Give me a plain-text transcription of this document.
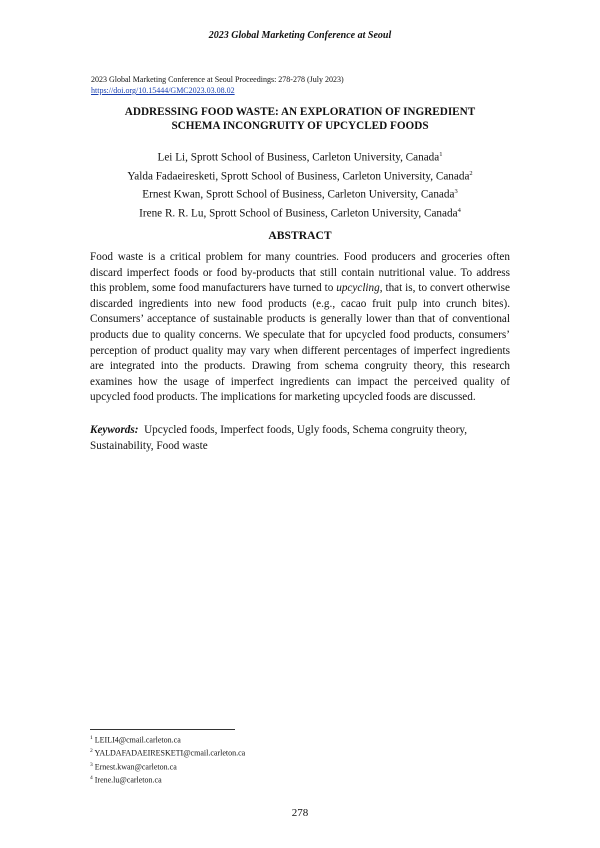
2023 Global Marketing Conference at Seoul
2023 Global Marketing Conference at Seoul Proceedings: 278-278 (July 2023)
https://doi.org/10.15444/GMC2023.03.08.02
ADDRESSING FOOD WASTE: AN EXPLORATION OF INGREDIENT
SCHEMA INCONGRUITY OF UPCYCLED FOODS
Lei Li, Sprott School of Business, Carleton University, Canada$^1$
Yalda Fadaeiresketi, Sprott School of Business, Carleton University, Canada$^2$
Ernest Kwan, Sprott School of Business, Carleton University, Canada$^3$
Irene R. R. Lu, Sprott School of Business, Carleton University, Canada$^4$
ABSTRACT
Food waste is a critical problem for many countries. Food producers and groceries often discard imperfect foods or food by-products that still contain nutritional value. To address this problem, some food manufacturers have turned to upcycling, that is, to convert otherwise discarded ingredients into new food products (e.g., cacao fruit pulp into crunch bites). Consumers’ acceptance of sustainable products is generally lower than that of conventional products due to quality concerns. We speculate that for upcycled food products, consumers’ perception of product quality may vary when different percentages of imperfect ingredients are integrated into the products. Drawing from schema congruity theory, this research examines how the usage of imperfect ingredients can impact the perceived quality of upcycled food products. The implications for marketing upcycled foods are discussed.
Keywords: Upcycled foods, Imperfect foods, Ugly foods, Schema congruity theory, Sustainability, Food waste
$^1$ LEILI4@cmail.carleton.ca
$^2$ YALDAFADAEIRESKETI@cmail.carleton.ca
$^3$ Ernest.kwan@carleton.ca
$^4$ Irene.lu@carleton.ca
278
